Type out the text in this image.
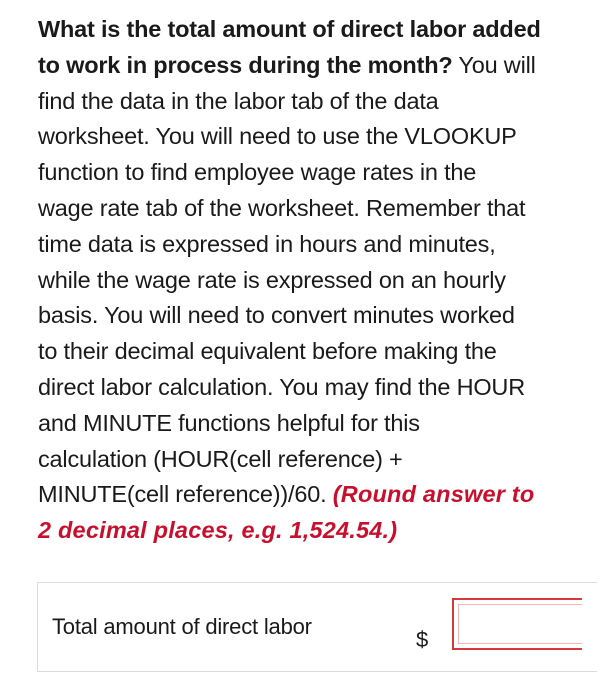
What is the total amount of direct labor added
to work in process during the month? You will
find the data in the labor tab of the data
worksheet. You will need to use the VLOOKUP
function to find employee wage rates in the
wage rate tab of the worksheet. Remember that
time data is expressed in hours and minutes,
while the wage rate is expressed on an hourly
basis. You will need to convert minutes worked
to their decimal equivalent before making the
direct labor calculation. You may find the HOUR
and MINUTE functions helpful for this
calculation (HOUR(cell reference) +
MINUTE(cell reference))/60. (Round answer to
2 decimal places, e.g. 1,524.54.)
Total amount of direct labor
$
